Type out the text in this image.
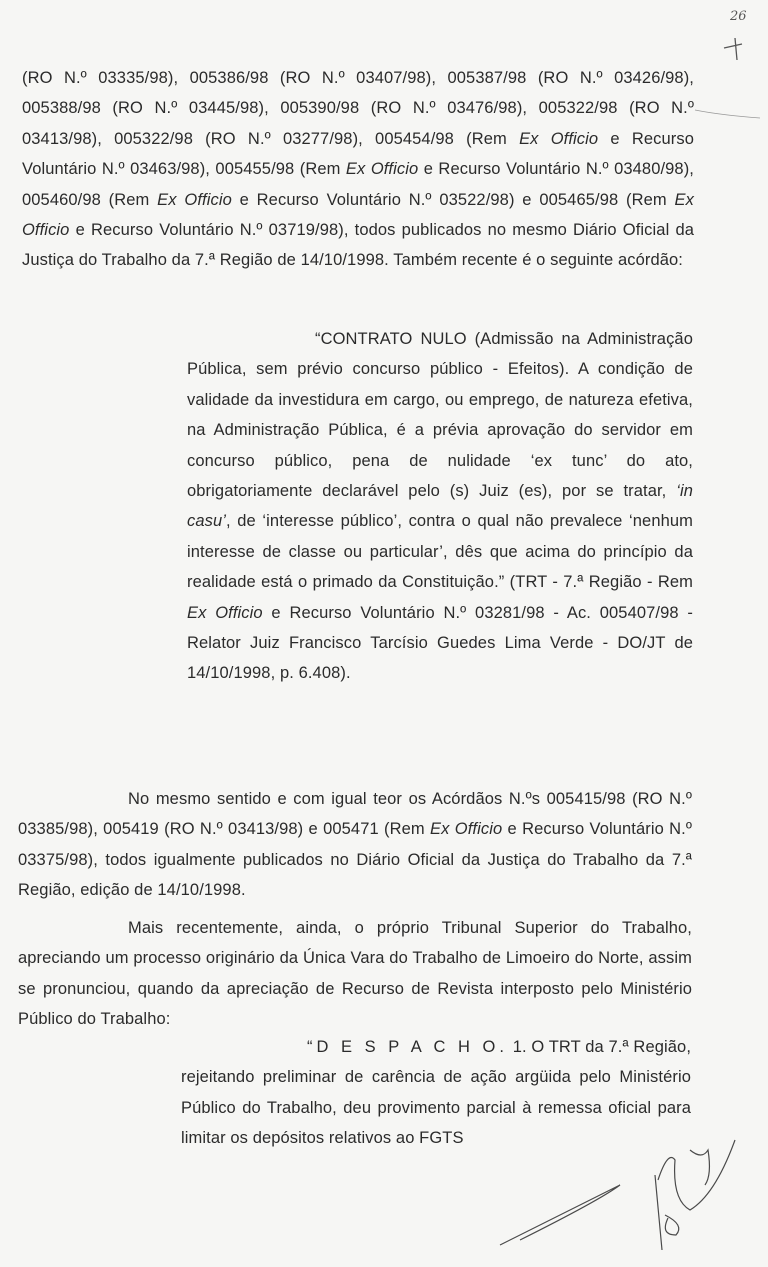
26
(RO N.º 03335/98), 005386/98 (RO N.º 03407/98), 005387/98 (RO N.º 03426/98), 005388/98 (RO N.º 03445/98), 005390/98 (RO N.º 03476/98), 005322/98 (RO N.º 03413/98), 005322/98 (RO N.º 03277/98), 005454/98 (Rem Ex Officio e Recurso Voluntário N.º 03463/98), 005455/98 (Rem Ex Officio e Recurso Voluntário N.º 03480/98), 005460/98 (Rem Ex Officio e Recurso Voluntário N.º 03522/98) e 005465/98 (Rem Ex Officio e Recurso Voluntário N.º 03719/98), todos publicados no mesmo Diário Oficial da Justiça do Trabalho da 7.ª Região de 14/10/1998. Também recente é o seguinte acórdão:
“CONTRATO NULO (Admissão na Administração Pública, sem prévio concurso público - Efeitos). A condição de validade da investidura em cargo, ou emprego, de natureza efetiva, na Administração Pública, é a prévia aprovação do servidor em concurso público, pena de nulidade ‘ex tunc’ do ato, obrigatoriamente declarável pelo (s) Juiz (es), por se tratar, ‘in casu’, de ‘interesse público’, contra o qual não prevalece ‘nenhum interesse de classe ou particular’, dês que acima do princípio da realidade está o primado da Constituição.” (TRT - 7.ª Região - Rem Ex Officio e Recurso Voluntário N.º 03281/98 - Ac. 005407/98 - Relator Juiz Francisco Tarcísio Guedes Lima Verde - DO/JT de 14/10/1998, p. 6.408).
No mesmo sentido e com igual teor os Acórdãos N.ºs 005415/98 (RO N.º 03385/98), 005419 (RO N.º 03413/98) e 005471 (Rem Ex Officio e Recurso Voluntário N.º 03375/98), todos igualmente publicados no Diário Oficial da Justiça do Trabalho da 7.ª Região, edição de 14/10/1998.
Mais recentemente, ainda, o próprio Tribunal Superior do Trabalho, apreciando um processo originário da Única Vara do Trabalho de Limoeiro do Norte, assim se pronunciou, quando da apreciação de Recurso de Revista interposto pelo Ministério Público do Trabalho:
“D E S P A C H O. 1. O TRT da 7.ª Região, rejeitando preliminar de carência de ação argüida pelo Ministério Público do Trabalho, deu provimento parcial à remessa oficial para limitar os depósitos relativos ao FGTS
